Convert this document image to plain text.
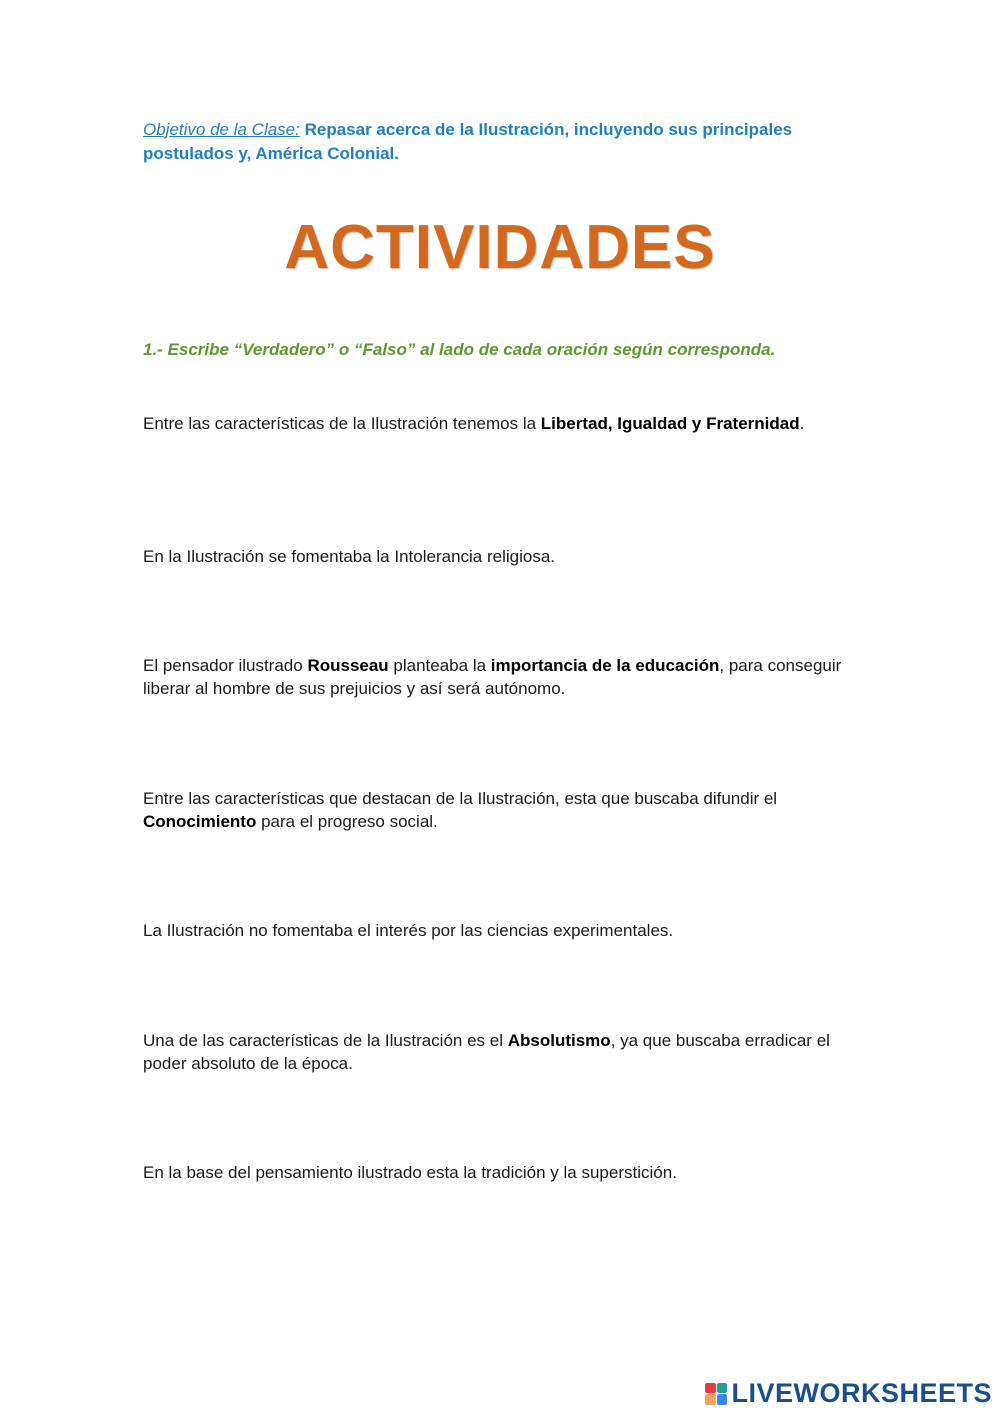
Objetivo de la Clase: Repasar acerca de la Ilustración, incluyendo sus principales postulados y, América Colonial.
ACTIVIDADES
1.- Escribe “Verdadero” o “Falso” al lado de cada oración según corresponda.
Entre las características de la Ilustración tenemos la Libertad, Igualdad y Fraternidad.
En la Ilustración se fomentaba la Intolerancia religiosa.
El pensador ilustrado Rousseau planteaba la importancia de la educación, para conseguir liberar al hombre de sus prejuicios y así será autónomo.
Entre las características que destacan de la Ilustración, esta que buscaba difundir el Conocimiento para el progreso social.
La Ilustración no fomentaba el interés por las ciencias experimentales.
Una de las características de la Ilustración es el Absolutismo, ya que buscaba erradicar el poder absoluto de la época.
En la base del pensamiento ilustrado esta la tradición y la superstición.
LIVEWORKSHEETS
